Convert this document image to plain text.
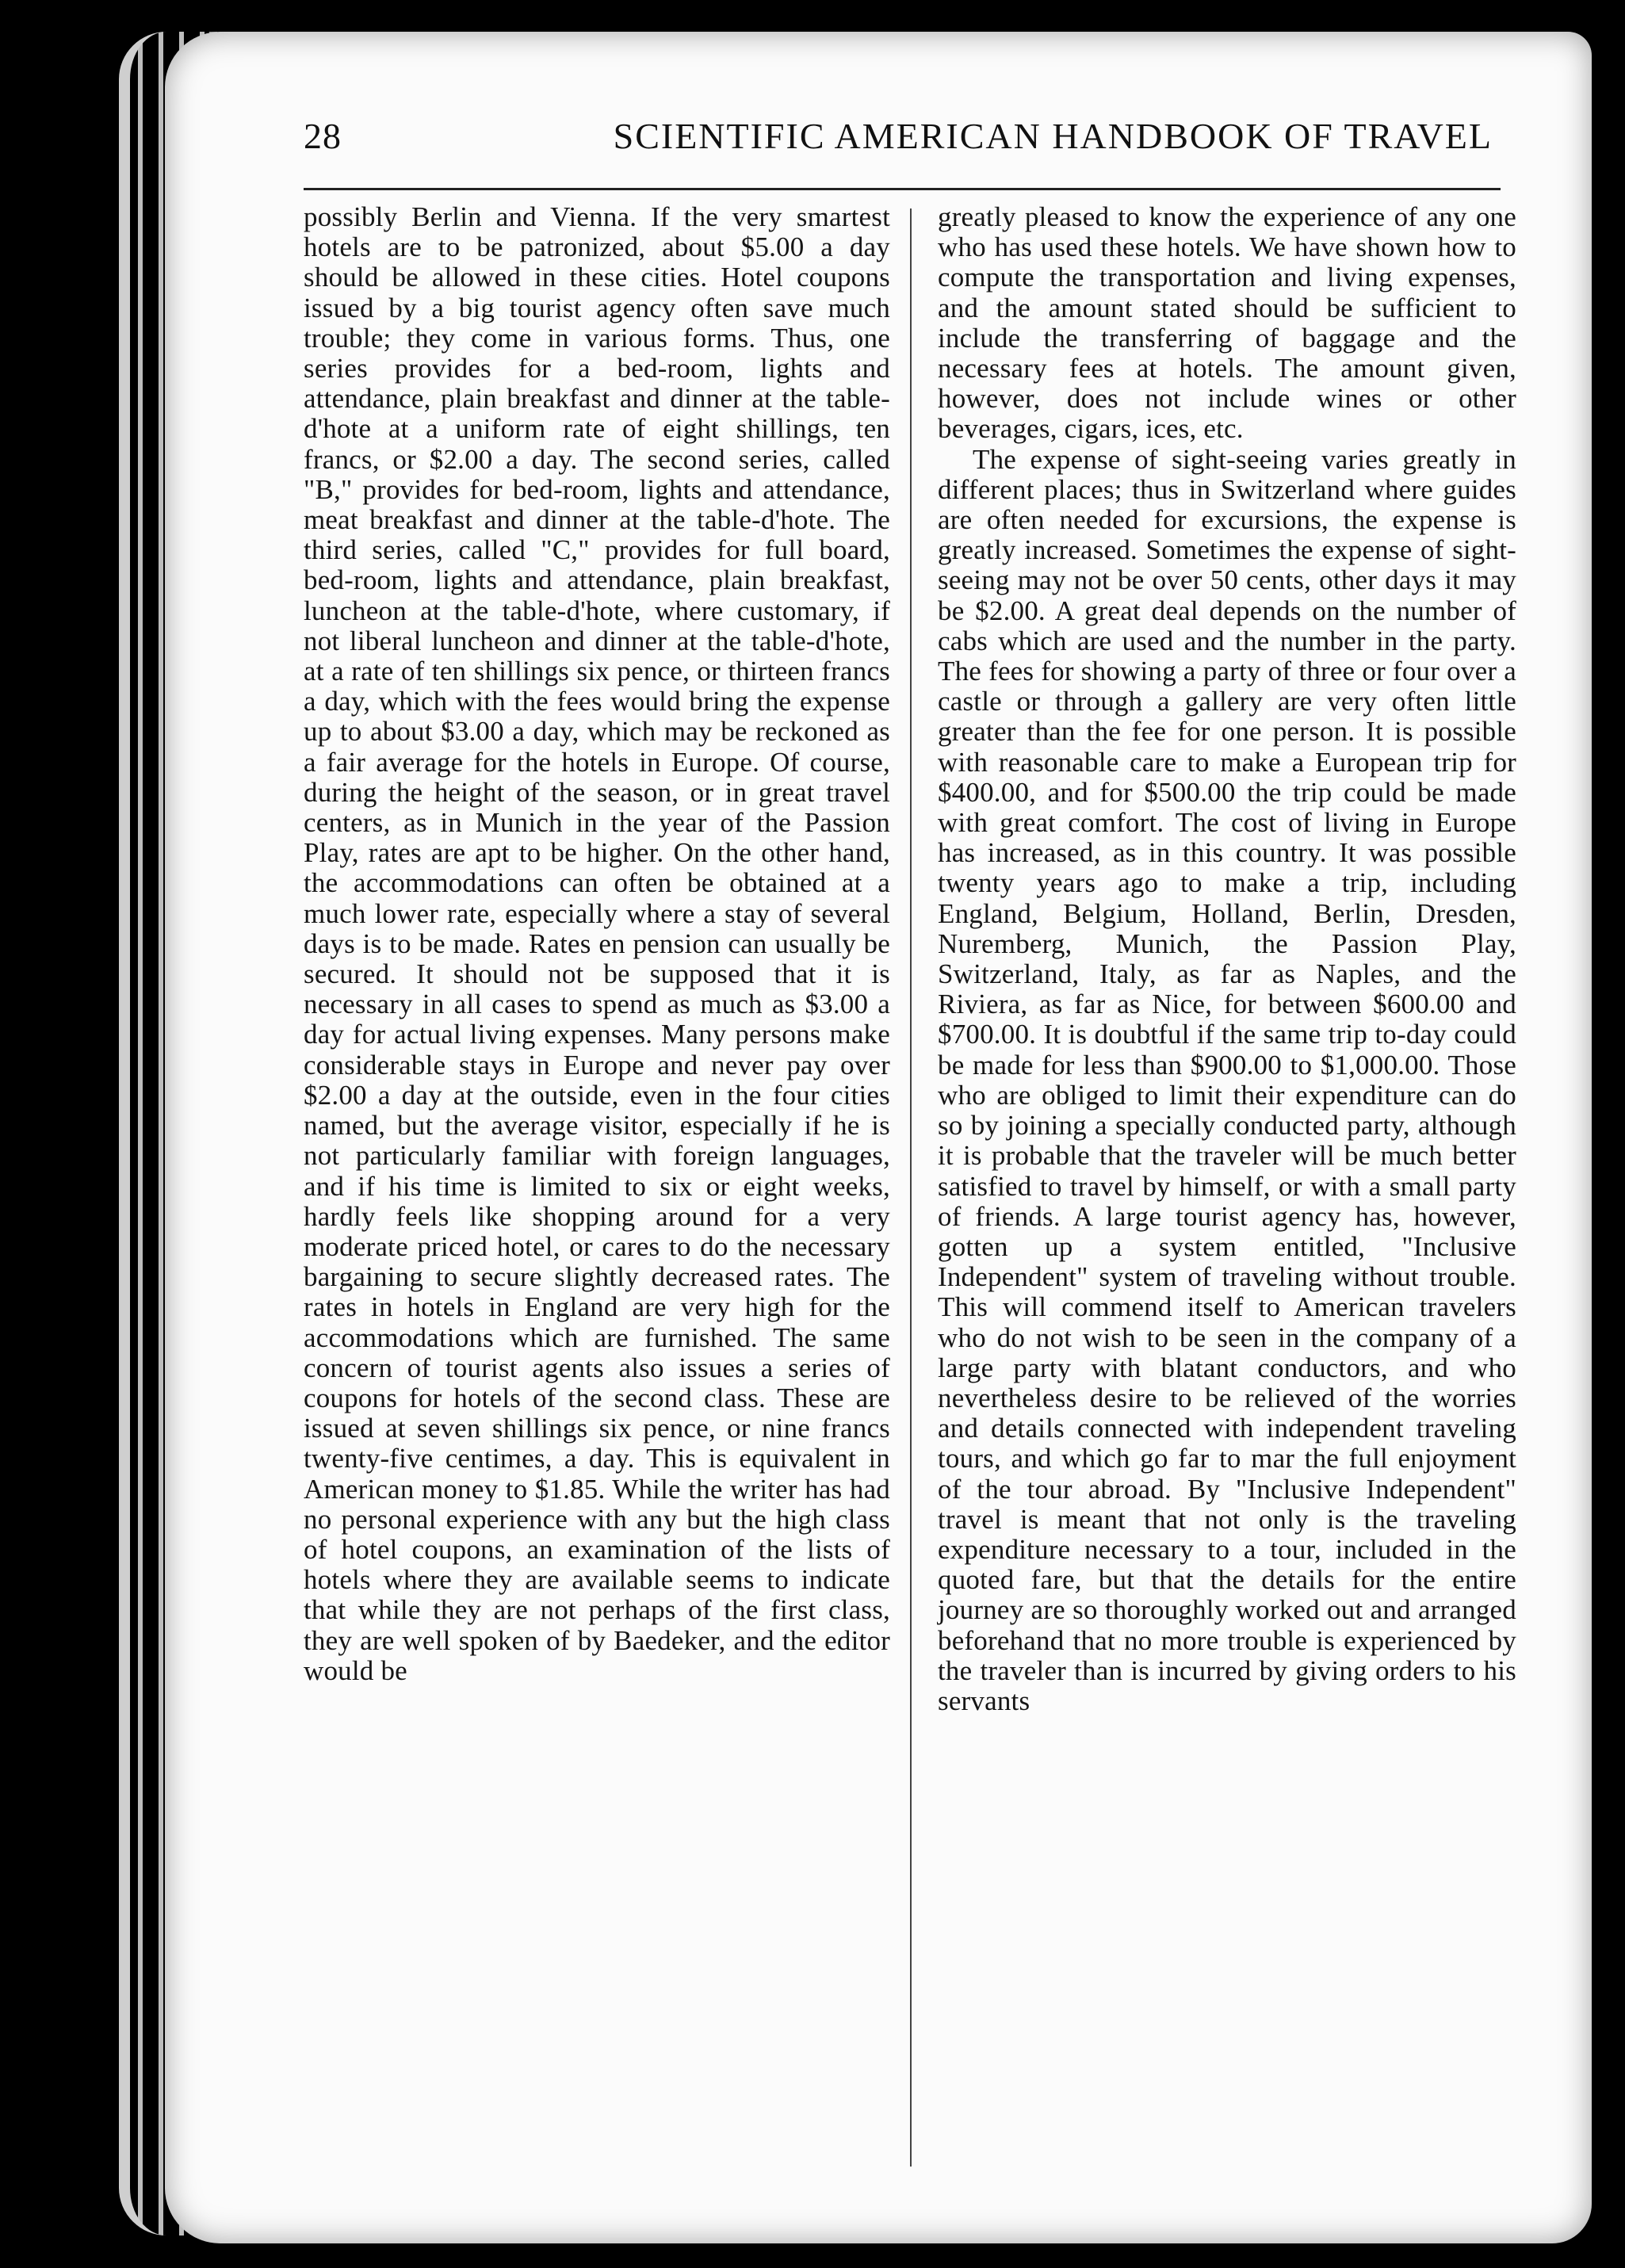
28	SCIENTIFIC AMERICAN HANDBOOK OF TRAVEL

possibly Berlin and Vienna. If the very smartest hotels are to be patronized, about $5.00 a day should be allowed in these cities. Hotel coupons issued by a big tourist agency often save much trouble; they come in various forms. Thus, one series provides for a bed-room, lights and attendance, plain breakfast and dinner at the table-d'hote at a uniform rate of eight shillings, ten francs, or $2.00 a day. The second series, called "B," provides for bed-room, lights and attendance, meat breakfast and dinner at the table-d'hote. The third series, called "C," provides for full board, bed-room, lights and attendance, plain breakfast, luncheon at the table-d'hote, where customary, if not liberal luncheon and dinner at the table-d'hote, at a rate of ten shillings six pence, or thirteen francs a day, which with the fees would bring the expense up to about $3.00 a day, which may be reckoned as a fair average for the hotels in Europe. Of course, during the height of the season, or in great travel centers, as in Munich in the year of the Passion Play, rates are apt to be higher. On the other hand, the accommodations can often be obtained at a much lower rate, especially where a stay of several days is to be made. Rates en pension can usually be secured. It should not be supposed that it is necessary in all cases to spend as much as $3.00 a day for actual living expenses. Many persons make considerable stays in Europe and never pay over $2.00 a day at the outside, even in the four cities named, but the average visitor, especially if he is not particularly familiar with foreign languages, and if his time is limited to six or eight weeks, hardly feels like shopping around for a very moderate priced hotel, or cares to do the necessary bargaining to secure slightly decreased rates. The rates in hotels in England are very high for the accommodations which are furnished. The same concern of tourist agents also issues a series of coupons for hotels of the second class. These are issued at seven shillings six pence, or nine francs twenty-five centimes, a day. This is equivalent in American money to $1.85. While the writer has had no personal experience with any but the high class of hotel coupons, an examination of the lists of hotels where they are available seems to indicate that while they are not perhaps of the first class, they are well spoken of by Baedeker, and the editor would be

greatly pleased to know the experience of any one who has used these hotels. We have shown how to compute the transportation and living expenses, and the amount stated should be sufficient to include the transferring of baggage and the necessary fees at hotels. The amount given, however, does not include wines or other beverages, cigars, ices, etc.

The expense of sight-seeing varies greatly in different places; thus in Switzerland where guides are often needed for excursions, the expense is greatly increased. Sometimes the expense of sight-seeing may not be over 50 cents, other days it may be $2.00. A great deal depends on the number of cabs which are used and the number in the party. The fees for showing a party of three or four over a castle or through a gallery are very often little greater than the fee for one person. It is possible with reasonable care to make a European trip for $400.00, and for $500.00 the trip could be made with great comfort. The cost of living in Europe has increased, as in this country. It was possible twenty years ago to make a trip, including England, Belgium, Holland, Berlin, Dresden, Nuremberg, Munich, the Passion Play, Switzerland, Italy, as far as Naples, and the Riviera, as far as Nice, for between $600.00 and $700.00. It is doubtful if the same trip to-day could be made for less than $900.00 to $1,000.00. Those who are obliged to limit their expenditure can do so by joining a specially conducted party, although it is probable that the traveler will be much better satisfied to travel by himself, or with a small party of friends. A large tourist agency has, however, gotten up a system entitled, "Inclusive Independent" system of traveling without trouble. This will commend itself to American travelers who do not wish to be seen in the company of a large party with blatant conductors, and who nevertheless desire to be relieved of the worries and details connected with independent traveling tours, and which go far to mar the full enjoyment of the tour abroad. By "Inclusive Independent" travel is meant that not only is the traveling expenditure necessary to a tour, included in the quoted fare, but that the details for the entire journey are so thoroughly worked out and arranged beforehand that no more trouble is experienced by the traveler than is incurred by giving orders to his servants
